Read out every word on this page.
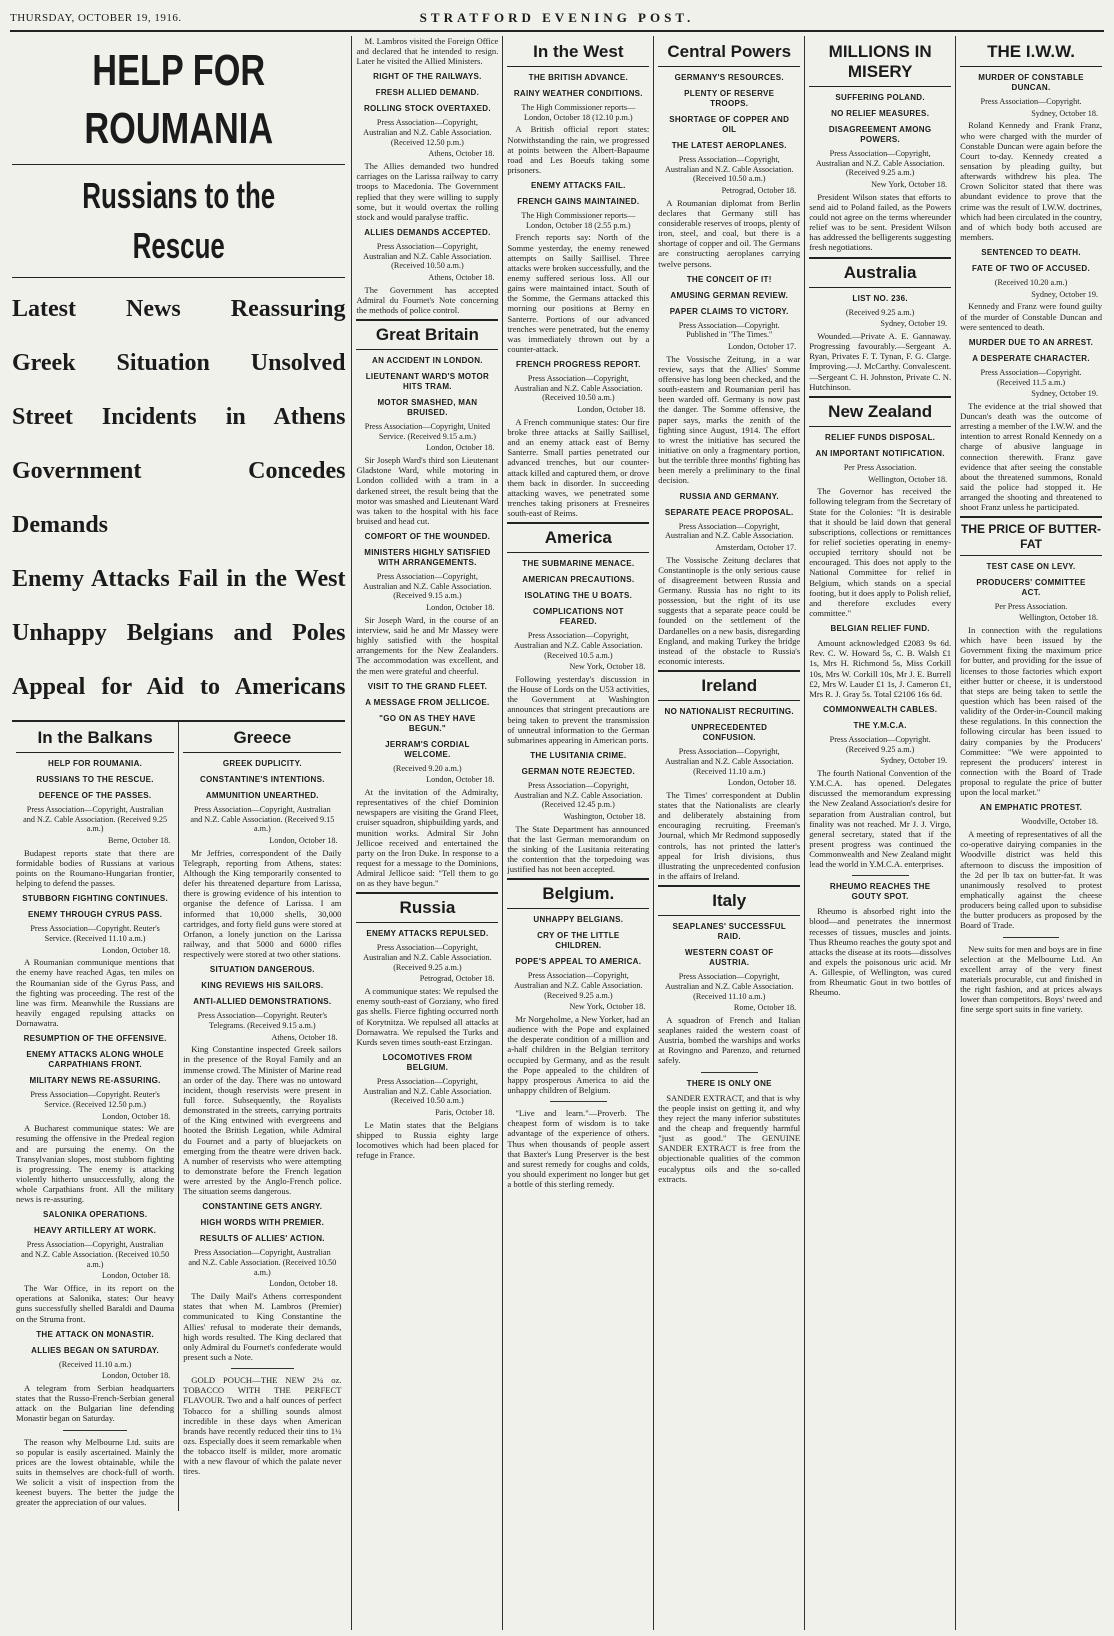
THURSDAY, OCTOBER 19, 1916.	STRATFORD EVENING POST.
HELP FOR ROUMANIA
Russians to the Rescue
Latest News Reassuring
Greek Situation Unsolved
Street Incidents in Athens
Government Concedes Demands
Enemy Attacks Fail in the West
Unhappy Belgians and Poles
Appeal for Aid to Americans
In the Balkans
HELP FOR ROUMANIA.
RUSSIANS TO THE RESCUE.
DEFENCE OF THE PASSES.
Press Association—Copyright, Australian and N.Z. Cable Association. (Received 9.25 a.m.)
Berne, October 18.

Budapest reports state that there are formidable bodies of Russians at various points on the Roumano-Hungarian frontier, helping to defend the passes.

STUBBORN FIGHTING CONTINUES.
ENEMY THROUGH CYRUS PASS.
Press Association—Copyright. Reuter's Service. (Received 11.10 a.m.)
London, October 18.

A Roumanian communique mentions that the enemy have reached Agas, ten miles on the Roumanian side of the Gyrus Pass, and the fighting was proceeding. The rest of the line was firm. Meanwhile the Russians are heavily engaged repulsing attacks on Dornawatra.

RESUMPTION OF THE OFFENSIVE.
ENEMY ATTACKS ALONG WHOLE CARPATHIANS FRONT.
MILITARY NEWS RE-ASSURING.
Press Association—Copyright. Reuter's Service. (Received 12.50 p.m.)
London, October 18.

A Bucharest communique states: We are resuming the offensive in the Predeal region and are pursuing the enemy. On the Transylvanian slopes, most stubborn fighting is progressing. The enemy is attacking violently hitherto unsuccessfully, along the whole Carpathians front. All the military news is re-assuring.

SALONIKA OPERATIONS.
HEAVY ARTILLERY AT WORK.
Press Association—Copyright, Australian and N.Z. Cable Association. (Received 10.50 a.m.)
London, October 18.

The War Office, in its report on the operations at Salonika, states: Our heavy guns successfully shelled Baraldi and Dauma on the Struma front.

THE ATTACK ON MONASTIR.
ALLIES BEGAN ON SATURDAY.
(Received 11.10 a.m.)
London, October 18.

A telegram from Serbian headquarters states that the Russo-French-Serbian general attack on the Bulgarian line defending Monastir began on Saturday.

The reason why Melbourne Ltd. suits are so popular is easily ascertained. Mainly the prices are the lowest obtainable, while the suits in themselves are chock-full of worth. We solicit a visit of inspection from the keenest buyers. The better the judge the greater the appreciation of our values.

Greece
GREEK DUPLICITY.
CONSTANTINE'S INTENTIONS.
AMMUNITION UNEARTHED.
Press Association—Copyright, Australian and N.Z. Cable Association. (Received 9.15 a.m.)
London, October 18.

Mr Jeffries, correspondent of the Daily Telegraph, reporting from Athens, states: Although the King temporarily consented to defer his threatened departure from Larissa, there is growing evidence of his intention to organise the defence of Larissa. I am informed that 10,000 shells, 30,000 cartridges, and forty field guns were stored at Orfanon, a lonely junction on the Larissa railway, and that 5000 and 6000 rifles respectively were stored at two other stations.

SITUATION DANGEROUS.
KING REVIEWS HIS SAILORS.
ANTI-ALLIED DEMONSTRATIONS.
Press Association—Copyright. Reuter's Telegrams. (Received 9.15 a.m.)
Athens, October 18.

King Constantine inspected Greek sailors in the presence of the Royal Family and an immense crowd. The Minister of Marine read an order of the day. There was no untoward incident, though reservists were present in full force. Subsequently, the Royalists demonstrated in the streets, carrying portraits of the King entwined with evergreens and hooted the British Legation, while Admiral du Fournet and a party of bluejackets on emerging from the theatre were driven back. A number of reservists who were attempting to demonstrate before the French legation were arrested by the Anglo-French police. The situation seems dangerous.

CONSTANTINE GETS ANGRY.
HIGH WORDS WITH PREMIER.
RESULTS OF ALLIES' ACTION.
Press Association—Copyright, Australian and N.Z. Cable Association. (Received 10.50 a.m.)
London, October 18.

The Daily Mail's Athens correspondent states that when M. Lambros (Premier) communicated to King Constantine the Allies' refusal to moderate their demands, high words resulted. The King declared that only Admiral du Fournet's confederate would present such a Note.

GOLD POUCH—THE NEW 2¼ oz. TOBACCO WITH THE PERFECT FLAVOUR. Two and a half ounces of perfect Tobacco for a shilling sounds almost incredible in these days when American brands have recently reduced their tins to 1¼ ozs. Especially does it seem remarkable when the tobacco itself is milder, more aromatic with a new flavour of which the palate never tires.

M. Lambros visited the Foreign Office and declared that he intended to resign. Later he visited the Allied Ministers.

RIGHT OF THE RAILWAYS.
FRESH ALLIED DEMAND.
ROLLING STOCK OVERTAXED.
Press Association—Copyright, Australian and N.Z. Cable Association. (Received 12.50 p.m.)
Athens, October 18.

The Allies demanded two hundred carriages on the Larissa railway to carry troops to Macedonia. The Government replied that they were willing to supply some, but it would overtax the rolling stock and would paralyse traffic.

ALLIES DEMANDS ACCEPTED.
Press Association—Copyright, Australian and N.Z. Cable Association. (Received 10.50 a.m.)
Athens, October 18.

The Government has accepted Admiral du Fournet's Note concerning the methods of police control.

Great Britain
AN ACCIDENT IN LONDON.
LIEUTENANT WARD'S MOTOR HITS TRAM.
MOTOR SMASHED, MAN BRUISED.
Press Association—Copyright, United Service. (Received 9.15 a.m.)
London, October 18.

Sir Joseph Ward's third son Lieutenant Gladstone Ward, while motoring in London collided with a tram in a darkened street, the result being that the motor was smashed and Lieutenant Ward was taken to the hospital with his face bruised and head cut.

COMFORT OF THE WOUNDED.
MINISTERS HIGHLY SATISFIED WITH ARRANGEMENTS.
Press Association—Copyright, Australian and N.Z. Cable Association. (Received 9.15 a.m.)
London, October 18.

Sir Joseph Ward, in the course of an interview, said he and Mr Massey were highly satisfied with the hospital arrangements for the New Zealanders. The accommodation was excellent, and the men were grateful and cheerful.

VISIT TO THE GRAND FLEET.
A MESSAGE FROM JELLICOE.
"GO ON AS THEY HAVE BEGUN."
JERRAM'S CORDIAL WELCOME.
(Received 9.20 a.m.)
London, October 18.

At the invitation of the Admiralty, representatives of the chief Dominion newspapers are visiting the Grand Fleet, cruiser squadron, shipbuilding yards, and munition works. Admiral Sir John Jellicoe received and entertained the party on the Iron Duke. In response to a request for a message to the Dominions, Admiral Jellicoe said: "Tell them to go on as they have begun."

Russia
ENEMY ATTACKS REPULSED.
Press Association—Copyright, Australian and N.Z. Cable Association. (Received 9.25 a.m.)
Petrograd, October 18.

A communique states: We repulsed the enemy south-east of Gorziany, who fired gas shells. Fierce fighting occurred north of Korytnitza. We repulsed all attacks at Dornawatra. We repulsed the Turks and Kurds seven times south-east Erzingan.

LOCOMOTIVES FROM BELGIUM.
Press Association—Copyright, Australian and N.Z. Cable Association. (Received 10.50 a.m.)
Paris, October 18.

Le Matin states that the Belgians shipped to Russia eighty large locomotives which had been placed for refuge in France.

In the West
THE BRITISH ADVANCE.
RAINY WEATHER CONDITIONS.
The High Commissioner reports— London, October 18 (12.10 p.m.)

A British official report states: Notwithstanding the rain, we progressed at points between the Albert-Bapaume road and Les Boeufs taking some prisoners.

ENEMY ATTACKS FAIL.
FRENCH GAINS MAINTAINED.
The High Commissioner reports— London, October 18 (2.55 p.m.)

French reports say: North of the Somme yesterday, the enemy renewed attempts on Sailly Saillisel. Three attacks were broken successfully, and the enemy suffered serious loss. All our gains were maintained intact. South of the Somme, the Germans attacked this morning our positions at Berny en Santerre. Portions of our advanced trenches were penetrated, but the enemy was immediately thrown out by a counter-attack.

FRENCH PROGRESS REPORT.
Press Association—Copyright, Australian and N.Z. Cable Association. (Received 10.50 a.m.)
London, October 18.

A French communique states: Our fire broke three attacks at Sailly Saillisel, and an enemy attack east of Berny Santerre. Small parties penetrated our advanced trenches, but our counter-attack killed and captured them, or drove them back in disorder. In succeeding attacking waves, we penetrated some trenches taking prisoners at Fresneires south-east of Reims.

America
THE SUBMARINE MENACE.
AMERICAN PRECAUTIONS.
ISOLATING THE U BOATS.
COMPLICATIONS NOT FEARED.
Press Association—Copyright, Australian and N.Z. Cable Association. (Received 10.5 a.m.)
New York, October 18.

Following yesterday's discussion in the House of Lords on the U53 activities, the Government at Washington announces that stringent precautions are being taken to prevent the transmission of unneutral information to the German submarines appearing in American ports.

THE LUSITANIA CRIME.
GERMAN NOTE REJECTED.
Press Association—Copyright, Australian and N.Z. Cable Association. (Received 12.45 p.m.)
Washington, October 18.

The State Department has announced that the last German memorandum on the sinking of the Lusitania reiterating the contention that the torpedoing was justified has not been accepted.

Belgium.
UNHAPPY BELGIANS.
CRY OF THE LITTLE CHILDREN.
POPE'S APPEAL TO AMERICA.
Press Association—Copyright, Australian and N.Z. Cable Association. (Received 9.25 a.m.)
New York, October 18.

Mr Norgeholme, a New Yorker, had an audience with the Pope and explained the desperate condition of a million and a-half children in the Belgian territory occupied by Germany, and as the result the Pope appealed to the children of happy prosperous America to aid the unhappy children of Belgium.

"Live and learn."—Proverb. The cheapest form of wisdom is to take advantage of the experience of others. Thus when thousands of people assert that Baxter's Lung Preserver is the best and surest remedy for coughs and colds, you should experiment no longer but get a bottle of this sterling remedy.

Central Powers
GERMANY'S RESOURCES.
PLENTY OF RESERVE TROOPS.
SHORTAGE OF COPPER AND OIL
THE LATEST AEROPLANES.
Press Association—Copyright, Australian and N.Z. Cable Association. (Received 10.50 a.m.)
Petrograd, October 18.

A Roumanian diplomat from Berlin declares that Germany still has considerable reserves of troops, plenty of iron, steel, and coal, but there is a shortage of copper and oil. The Germans are constructing aeroplanes carrying twelve persons.

THE CONCEIT OF IT!
AMUSING GERMAN REVIEW.
PAPER CLAIMS TO VICTORY.
Press Association—Copyright. Published in "The Times."
London, October 17.

The Vossische Zeitung, in a war review, says that the Allies' Somme offensive has long been checked, and the south-eastern and Roumanian peril has been warded off. Germany is now past the danger. The Somme offensive, the paper says, marks the zenith of the fighting since August, 1914. The effort to wrest the initiative has secured the initiative on only a fragmentary portion, but the terrible three months' fighting has been merely a preliminary to the final decision.

RUSSIA AND GERMANY.
SEPARATE PEACE PROPOSAL.
Press Association—Copyright, Australian and N.Z. Cable Association.
Amsterdam, October 17.

The Vossische Zeitung declares that Constantinople is the only serious cause of disagreement between Russia and Germany. Russia has no right to its possession, but the right of its use suggests that a separate peace could be founded on the settlement of the Dardanelles on a new basis, disregarding England, and making Turkey the bridge instead of the obstacle to Russia's economic interests.

Ireland
NO NATIONALIST RECRUITING.
UNPRECEDENTED CONFUSION.
Press Association—Copyright, Australian and N.Z. Cable Association. (Received 11.10 a.m.)
London, October 18.

The Times' correspondent at Dublin states that the Nationalists are clearly and deliberately abstaining from encouraging recruiting. Freeman's Journal, which Mr Redmond supposedly controls, has not printed the latter's appeal for Irish divisions, thus illustrating the unprecedented confusion in the affairs of Ireland.

Italy
SEAPLANES' SUCCESSFUL RAID.
WESTERN COAST OF AUSTRIA.
Press Association—Copyright, Australian and N.Z. Cable Association. (Received 11.10 a.m.)
Rome, October 18.

A squadron of French and Italian seaplanes raided the western coast of Austria, bombed the warships and works at Rovingno and Parenzo, and returned safely.

THERE IS ONLY ONE

SANDER EXTRACT, and that is why the people insist on getting it, and why they reject the many inferior substitutes and the cheap and frequently harmful "just as good." The GENUINE SANDER EXTRACT is free from the objectionable qualities of the common eucalyptus oils and the so-called extracts.

MILLIONS IN MISERY
SUFFERING POLAND.
NO RELIEF MEASURES.
DISAGREEMENT AMONG POWERS.
Press Association—Copyright, Australian and N.Z. Cable Association. (Received 9.25 a.m.)
New York, October 18.

President Wilson states that efforts to send aid to Poland failed, as the Powers could not agree on the terms whereunder relief was to be sent. President Wilson has addressed the belligerents suggesting fresh negotiations.

Australia
LIST NO. 236.
(Received 9.25 a.m.)
Sydney, October 19.

Wounded.—Private A. E. Gannaway. Progressing favourably.—Sergeant A. Ryan, Privates F. T. Tynan, F. G. Clarge. Improving.—J. McCarthy. Convalescent.—Sergeant C. H. Johnston, Private C. N. Hutchinson.

New Zealand
RELIEF FUNDS DISPOSAL.
AN IMPORTANT NOTIFICATION.
Per Press Association.
Wellington, October 18.

The Governor has received the following telegram from the Secretary of State for the Colonies: "It is desirable that it should be laid down that general subscriptions, collections or remittances for relief societies operating in enemy-occupied territory should not be encouraged. This does not apply to the National Committee for relief in Belgium, which stands on a special footing, but it does apply to Polish relief, and therefore excludes every committee."

BELGIAN RELIEF FUND.

Amount acknowledged £2083 9s 6d. Rev. C. W. Howard 5s, C. B. Walsh £1 1s, Mrs H. Richmond 5s, Miss Corkill 10s, Mrs W. Corkill 10s, Mr J. E. Burrell £2, Mrs W. Lauder £1 1s, J. Cameron £1, Mrs R. J. Gray 5s. Total £2106 16s 6d.

COMMONWEALTH CABLES.
THE Y.M.C.A.
Press Association—Copyright. (Received 9.25 a.m.)
Sydney, October 19.

The fourth National Convention of the Y.M.C.A. has opened. Delegates discussed the memorandum expressing the New Zealand Association's desire for separation from Australian control, but finality was not reached. Mr J. J. Virgo, general secretary, stated that if the present progress was continued the Commonwealth and New Zealand might lead the world in Y.M.C.A. enterprises.

RHEUMO REACHES THE GOUTY SPOT.

Rheumo is absorbed right into the blood—and penetrates the innermost recesses of tissues, muscles and joints. Thus Rheumo reaches the gouty spot and attacks the disease at its roots—dissolves and expels the poisonous uric acid. Mr A. Gillespie, of Wellington, was cured from Rheumatic Gout in two bottles of Rheumo.

THE I.W.W.
MURDER OF CONSTABLE DUNCAN.
Press Association—Copyright.
Sydney, October 18.

Roland Kennedy and Frank Franz, who were charged with the murder of Constable Duncan were again before the Court to-day. Kennedy created a sensation by pleading guilty, but afterwards withdrew his plea. The Crown Solicitor stated that there was abundant evidence to prove that the crime was the result of I.W.W. doctrines, which had been circulated in the country, and of which body both accused are members.

SENTENCED TO DEATH.
FATE OF TWO OF ACCUSED.
(Received 10.20 a.m.)
Sydney, October 19.

Kennedy and Franz were found guilty of the murder of Constable Duncan and were sentenced to death.

MURDER DUE TO AN ARREST.
A DESPERATE CHARACTER.
Press Association—Copyright. (Received 11.5 a.m.)
Sydney, October 19.

The evidence at the trial showed that Duncan's death was the outcome of arresting a member of the I.W.W. and the intention to arrest Ronald Kennedy on a charge of abusive language in connection therewith. Franz gave evidence that after seeing the constable about the threatened summons, Ronald said the police had stopped it. He arranged the shooting and threatened to shoot Franz unless he participated.

THE PRICE OF BUTTER-FAT
TEST CASE ON LEVY.
PRODUCERS' COMMITTEE ACT.
Per Press Association.
Wellington, October 18.

In connection with the regulations which have been issued by the Government fixing the maximum price for butter, and providing for the issue of licenses to those factories which export either butter or cheese, it is understood that steps are being taken to settle the question which has been raised of the validity of the Order-in-Council making these regulations. In this connection the following circular has been issued to dairy companies by the Producers' Committee: "We were appointed to represent the producers' interest in connection with the Board of Trade proposal to regulate the price of butter upon the local market."

AN EMPHATIC PROTEST.
Woodville, October 18.

A meeting of representatives of all the co-operative dairying companies in the Woodville district was held this afternoon to discuss the imposition of the 2d per lb tax on butter-fat. It was unanimously resolved to protest emphatically against the cheese producers being called upon to subsidise the butter producers as proposed by the Board of Trade.

New suits for men and boys are in fine selection at the Melbourne Ltd. An excellent array of the very finest materials procurable, cut and finished in the right fashion, and at prices always lower than competitors. Boys' tweed and fine serge sport suits in fine variety.
